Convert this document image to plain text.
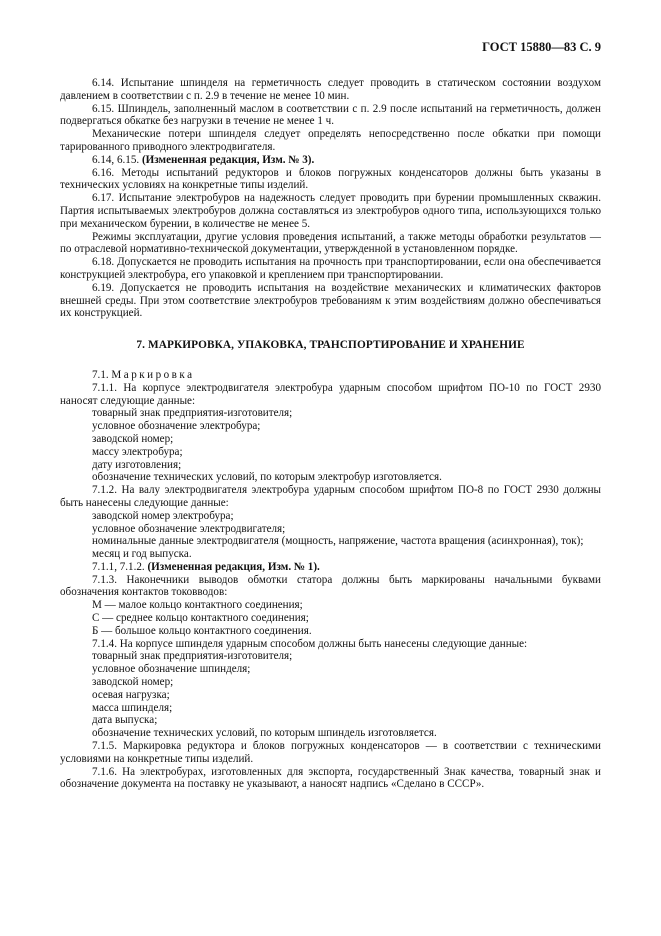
ГОСТ 15880—83 С. 9

6.14. Испытание шпинделя на герметичность следует проводить в статическом состоянии воздухом давлением в соответствии с п. 2.9 в течение не менее 10 мин.

6.15. Шпиндель, заполненный маслом в соответствии с п. 2.9 после испытаний на герметичность, должен подвергаться обкатке без нагрузки в течение не менее 1 ч.

Механические потери шпинделя следует определять непосредственно после обкатки при помощи тарированного приводного электродвигателя.

6.14, 6.15. (Измененная редакция, Изм. № 3).

6.16. Методы испытаний редукторов и блоков погружных конденсаторов должны быть указаны в технических условиях на конкретные типы изделий.

6.17. Испытание электробуров на надежность следует проводить при бурении промышленных скважин. Партия испытываемых электробуров должна составляться из электробуров одного типа, использующихся только при механическом бурении, в количестве не менее 5.

Режимы эксплуатации, другие условия проведения испытаний, а также методы обработки результатов — по отраслевой нормативно-технической документации, утвержденной в установленном порядке.

6.18. Допускается не проводить испытания на прочность при транспортировании, если она обеспечивается конструкцией электробура, его упаковкой и креплением при транспортировании.

6.19. Допускается не проводить испытания на воздействие механических и климатических факторов внешней среды. При этом соответствие электробуров требованиям к этим воздействиям должно обеспечиваться их конструкцией.

7. МАРКИРОВКА, УПАКОВКА, ТРАНСПОРТИРОВАНИЕ И ХРАНЕНИЕ

7.1. Маркировка

7.1.1. На корпусе электродвигателя электробура ударным способом шрифтом ПО-10 по ГОСТ 2930 наносят следующие данные:

товарный знак предприятия-изготовителя;

условное обозначение электробура;

заводской номер;

массу электробура;

дату изготовления;

обозначение технических условий, по которым электробур изготовляется.

7.1.2. На валу электродвигателя электробура ударным способом шрифтом ПО-8 по ГОСТ 2930 должны быть нанесены следующие данные:

заводской номер электробура;

условное обозначение электродвигателя;

номинальные данные электродвигателя (мощность, напряжение, частота вращения (асинхронная), ток);

месяц и год выпуска.

7.1.1, 7.1.2. (Измененная редакция, Изм. № 1).

7.1.3. Наконечники выводов обмотки статора должны быть маркированы начальными буквами обозначения контактов токовводов:

М — малое кольцо контактного соединения;

С — среднее кольцо контактного соединения;

Б — большое кольцо контактного соединения.

7.1.4. На корпусе шпинделя ударным способом должны быть нанесены следующие данные:

товарный знак предприятия-изготовителя;

условное обозначение шпинделя;

заводской номер;

осевая нагрузка;

масса шпинделя;

дата выпуска;

обозначение технических условий, по которым шпиндель изготовляется.

7.1.5. Маркировка редуктора и блоков погружных конденсаторов — в соответствии с техническими условиями на конкретные типы изделий.

7.1.6. На электробурах, изготовленных для экспорта, государственный Знак качества, товарный знак и обозначение документа на поставку не указывают, а наносят надпись «Сделано в СССР».
